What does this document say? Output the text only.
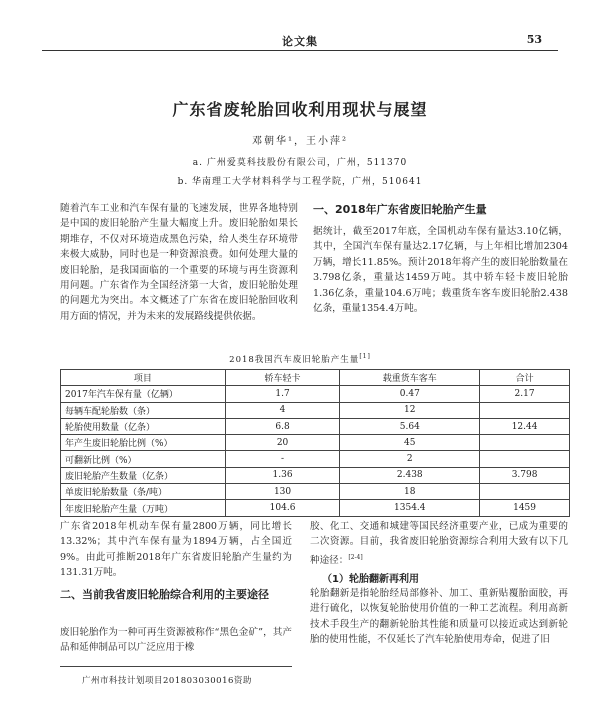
论文集	53
广东省废轮胎回收利用现状与展望
邓朝华¹，王小萍²
a. 广州爱莫科技股份有限公司，广州，511370
b. 华南理工大学材料科学与工程学院，广州，510641
随着汽车工业和汽车保有量的飞速发展，世界各地特别是中国的废旧轮胎产生量大幅度上升。废旧轮胎如果长期堆存，不仅对环境造成黑色污染，给人类生存环境带来极大威胁，同时也是一种资源浪费。如何处理大量的废旧轮胎，是我国面临的一个重要的环境与再生资源利用问题。广东省作为全国经济第一大省，废旧轮胎处理的问题尤为突出。本文概述了广东省在废旧轮胎回收利用方面的情况，并为未来的发展路线提供依据。
一、2018年广东省废旧轮胎产生量
据统计，截至2017年底，全国机动车保有量达3.10亿辆，其中，全国汽车保有量达2.17亿辆，与上年相比增加2304万辆，增长11.85%。预计2018年将产生的废旧轮胎数量在3.798亿条，重量达1459万吨。其中轿车轻卡废旧轮胎1.36亿条，重量104.6万吨；载重货车客车废旧轮胎2.438亿条，重量1354.4万吨。
2018我国汽车废旧轮胎产生量[1]
项目	轿车轻卡	载重货车客车	合计
2017年汽车保有量（亿辆）	1.7	0.47	2.17
每辆车配轮胎数（条）	4	12	
轮胎使用数量（亿条）	6.8	5.64	12.44
年产生废旧轮胎比例（%）	20	45	
可翻新比例（%）	-	2	
废旧轮胎产生数量（亿条）	1.36	2.438	3.798
单废旧轮胎数量（条/吨）	130	18	
年废旧轮胎产生量（万吨）	104.6	1354.4	1459
广东省2018年机动车保有量2800万辆，同比增长13.32%；其中汽车保有量为1894万辆，占全国近9%。由此可推断2018年广东省废旧轮胎产生量约为131.31万吨。
二、当前我省废旧轮胎综合利用的主要途径
废旧轮胎作为一种可再生资源被称作“黑色金矿”，其产品和延伸制品可以广泛应用于橡
胶、化工、交通和城建等国民经济重要产业，已成为重要的二次资源。目前，我省废旧轮胎资源综合利用大致有以下几种途径：[2-4]
（1）轮胎翻新再利用
轮胎翻新是指轮胎经局部修补、加工、重新贴覆胎面胶，再进行硫化，以恢复轮胎使用价值的一种工艺流程。利用高新技术手段生产的翻新轮胎其性能和质量可以接近或达到新轮胎的使用性能，不仅延长了汽车轮胎使用寿命，促进了旧
广州市科技计划项目201803030016资助
